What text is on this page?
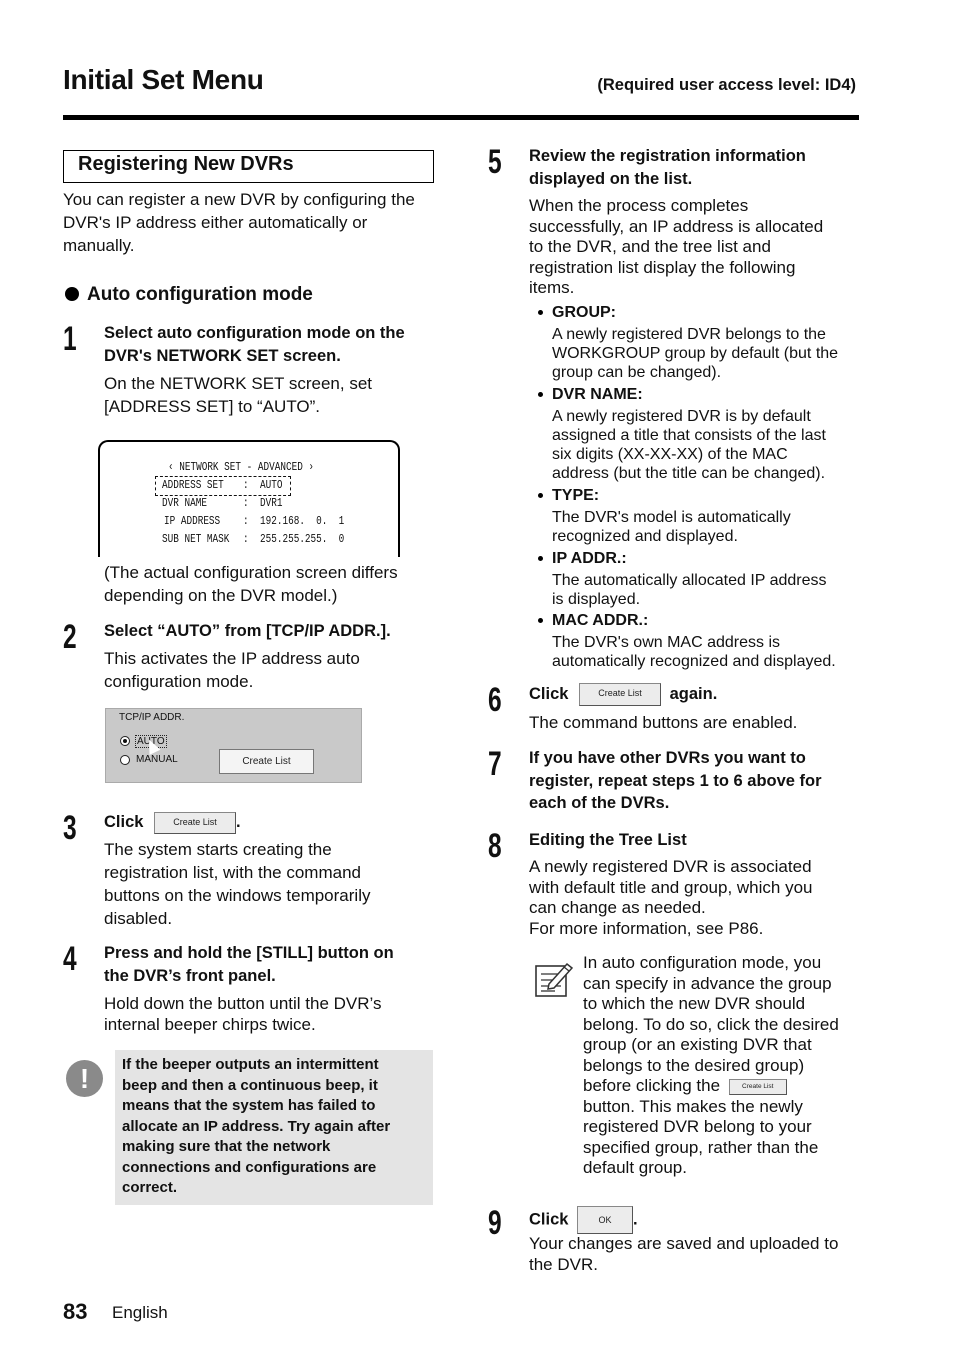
Initial Set Menu	(Required user access level: ID4)
Registering New DVRs
You can register a new DVR by configuring the
DVR's IP address either automatically or
manually.
Auto configuration mode
1 Select auto configuration mode on the
DVR's NETWORK SET screen.
On the NETWORK SET screen, set
[ADDRESS SET] to “AUTO”.
‹ NETWORK SET - ADVANCED ›
ADDRESS SET : AUTO
DVR NAME	: DVR1
IP ADDRESS : 192.168.  0.  1
SUB NET MASK : 255.255.255.  0
(The actual configuration screen differs
depending on the DVR model.)
2 Select “AUTO” from [TCP/IP ADDR.].
This activates the IP address auto
configuration mode.
TCP/IP ADDR.
AUTO
MANUAL	Create List
3 Click	Create List .
The system starts creating the
registration list, with the command
buttons on the windows temporarily
disabled.
4 Press and hold the [STILL] button on
the DVR’s front panel.
Hold down the button until the DVR’s
internal beeper chirps twice.
!	If the beeper outputs an intermittent
beep and then a continuous beep, it
means that the system has failed to
allocate an IP address. Try again after
making sure that the network
connections and configurations are
correct.
5 Review the registration information
displayed on the list.
When the process completes
successfully, an IP address is allocated
to the DVR, and the tree list and
registration list display the following
items.
GROUP:
A newly registered DVR belongs to the
WORKGROUP group by default (but the
group can be changed).
DVR NAME:
A newly registered DVR is by default
assigned a title that consists of the last
six digits (XX-XX-XX) of the MAC
address (but the title can be changed).
TYPE:
The DVR's model is automatically
recognized and displayed.
IP ADDR.:
The automatically allocated IP address
is displayed.
MAC ADDR.:
The DVR's own MAC address is
automatically recognized and displayed.
6 Click	Create List again.
The command buttons are enabled.
7 If you have other DVRs you want to
register, repeat steps 1 to 6 above for
each of the DVRs.
8 Editing the Tree List
A newly registered DVR is associated
with default title and group, which you
can change as needed.
For more information, see P86.
In auto configuration mode, you
can specify in advance the group
to which the new DVR should
belong. To do so, click the desired
group (or an existing DVR that
belongs to the desired group)
before clicking the	Create List
button. This makes the newly
registered DVR belong to your
specified group, rather than the
default group.
9 Click	OK .
Your changes are saved and uploaded to
the DVR.
83 English
